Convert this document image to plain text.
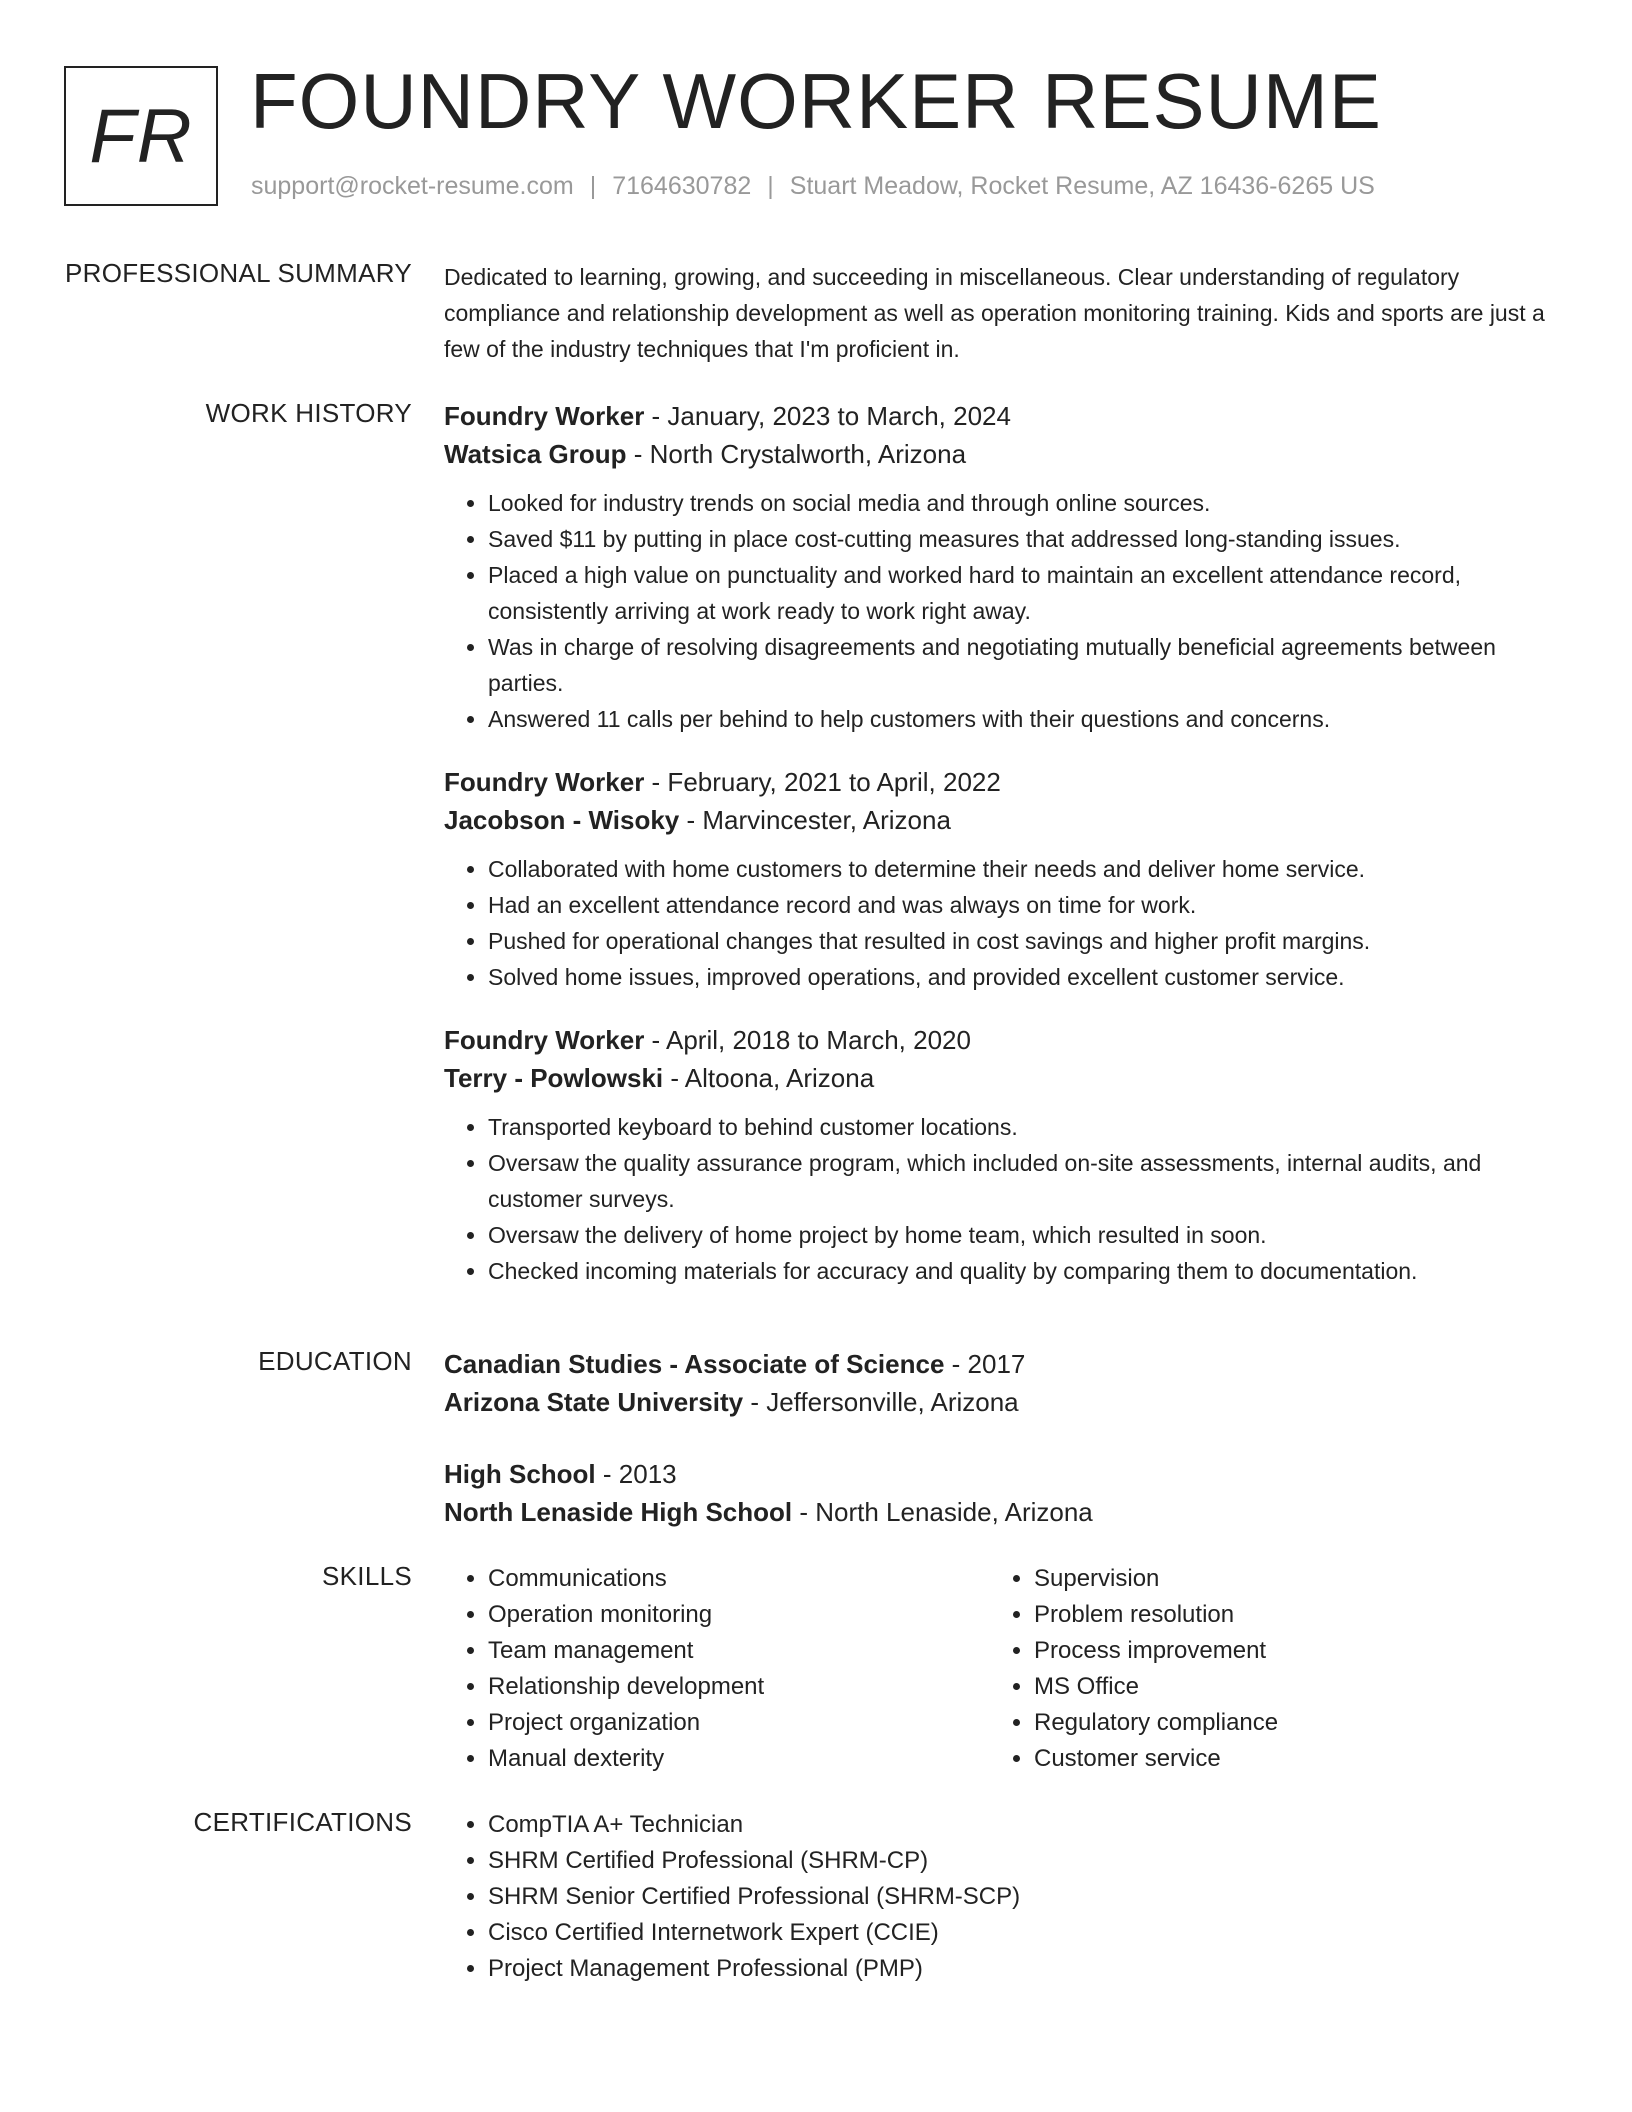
FR FOUNDRY WORKER RESUME
support@rocket-resume.com | 7164630782 | Stuart Meadow, Rocket Resume, AZ 16436-6265 US
PROFESSIONAL SUMMARY Dedicated to learning, growing, and succeeding in miscellaneous. Clear understanding of regulatory compliance and relationship development as well as operation monitoring training. Kids and sports are just a few of the industry techniques that I'm proficient in.

WORK HISTORY Foundry Worker - January, 2023 to March, 2024
Watsica Group - North Crystalworth, Arizona
• Looked for industry trends on social media and through online sources.
• Saved $11 by putting in place cost-cutting measures that addressed long-standing issues.
• Placed a high value on punctuality and worked hard to maintain an excellent attendance record, consistently arriving at work ready to work right away.
• Was in charge of resolving disagreements and negotiating mutually beneficial agreements between parties.
• Answered 11 calls per behind to help customers with their questions and concerns.
Foundry Worker - February, 2021 to April, 2022
Jacobson - Wisoky - Marvincester, Arizona
• Collaborated with home customers to determine their needs and deliver home service.
• Had an excellent attendance record and was always on time for work.
• Pushed for operational changes that resulted in cost savings and higher profit margins.
• Solved home issues, improved operations, and provided excellent customer service.
Foundry Worker - April, 2018 to March, 2020
Terry - Powlowski - Altoona, Arizona
• Transported keyboard to behind customer locations.
• Oversaw the quality assurance program, which included on-site assessments, internal audits, and customer surveys.
• Oversaw the delivery of home project by home team, which resulted in soon.
• Checked incoming materials for accuracy and quality by comparing them to documentation.
EDUCATION Canadian Studies - Associate of Science - 2017
Arizona State University - Jeffersonville, Arizona
High School - 2013
North Lenaside High School - North Lenaside, Arizona
SKILLS	• Communications
• Operation monitoring
• Team management
• Relationship development
• Project organization
• Manual dexterity
• Supervision
• Problem resolution
• Process improvement
• MS Office
• Regulatory compliance
• Customer service
CERTIFICATIONS	• CompTIA A+ Technician
• SHRM Certified Professional (SHRM-CP)
• SHRM Senior Certified Professional (SHRM-SCP)
• Cisco Certified Internetwork Expert (CCIE)
• Project Management Professional (PMP)
